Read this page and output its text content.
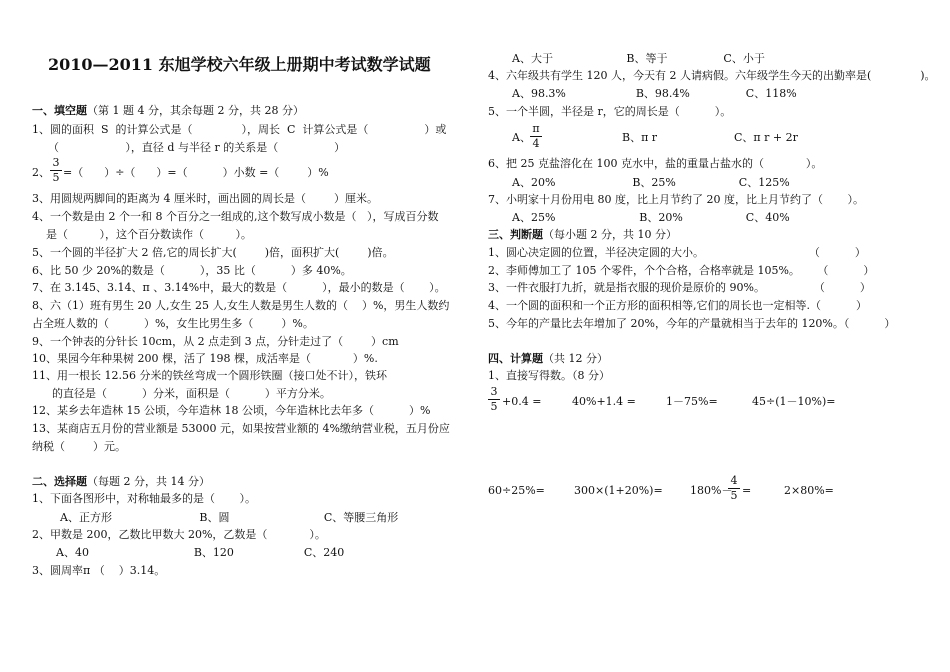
2010—2011 东旭学校六年级上册期中考试数学试题
一、填空题（第 1 题 4 分，其余每题 2 分，共 28 分）
1、圆的面积  S  的计算公式是（              ），周长  C  计算公式是（                ）或
（                   ），直径 d 与半径 r 的关系是（                ）
2、
3
5 =（      ）÷（      ）=（          ）小数 =（        ）%
3、用圆规两脚间的距离为 4 厘米时，画出圆的周长是（        ）厘米。
4、一个数是由 2 个一和 8 个百分之一组成的,这个数写成小数是（   ），写成百分数
是（         ），这个百分数读作（         ）。
5、一个圆的半径扩大 2 倍,它的周长扩大(        )倍，面积扩大(        )倍。
6、比 50 少 20%的数是（          ），35 比（          ）多 40%。
7、在 3.145、3.14、π 、3.14%中，最大的数是（          ），最小的数是（       ）。
8、六（1）班有男生 20 人,女生 25 人,女生人数是男生人数的（    ）%，男生人数约
占全班人数的（          ）%，女生比男生多（        ）%。
9、一个钟表的分针长 10cm，从 2 点走到 3 点，分针走过了（        ）cm
10、果园今年种果树 200 棵，活了 198 棵，成活率是（            ）%.
11、用一根长 12.56 分米的铁丝弯成一个圆形铁圈（接口处不计），铁环
的直径是（          ）分米，面积是（          ）平方分米。
12、某乡去年造林 15 公顷，今年造林 18 公顷，今年造林比去年多（          ）%
13、某商店五月份的营业额是 53000 元，如果按营业额的 4%缴纳营业税，五月份应
纳税（        ）元。
二、选择题（每题 2 分，共 14 分）
1、下面各图形中，对称轴最多的是（       ）。
A、正方形                         B、圆                           C、等腰三角形
2、甲数是 200，乙数比甲数大 20%，乙数是（            ）。
A、40                              B、120                    C、240
3、圆周率π （    ）3.14。
A、大于                     B、等于                C、小于
4、六年级共有学生 120 人，今天有 2 人请病假。六年级学生今天的出勤率是(              )。
A、98.3%                    B、98.4%                C、118%
5、一个半圆，半径是 r，它的周长是（          ）。
A、
π
4	B、π r                      C、π r + 2r
6、把 25 克盐溶化在 100 克水中，盐的重量占盐水的（            ）。
A、20%                      B、25%                  C、125%
7、小明家十月份用电 80 度，比上月节约了 20 度，比上月节约了（       ）。
A、25%                        B、20%                  C、40%
三、判断题（每小题 2 分，共 10 分）
1、圆心决定圆的位置，半径决定圆的大小。                              （          ）
2、李师傅加工了 105 个零件，个个合格，合格率就是 105%。     （          ）
3、一件衣服打九折，就是指衣服的现价是原价的 90%。              （          ）
4、一个圆的面积和一个正方形的面积相等,它们的周长也一定相等.（          ）
5、今年的产量比去年增加了 20%，今年的产量就相当于去年的 120%。（          ）
四、计算题（共 12 分）
1、直接写得数。（8 分）
3
5 +0.4 =	40%+1.4 =	1－75%=	45÷(1－10%)=
60÷25%=	300×(1+20%)= 180%－
4
5 =	2×80%=
